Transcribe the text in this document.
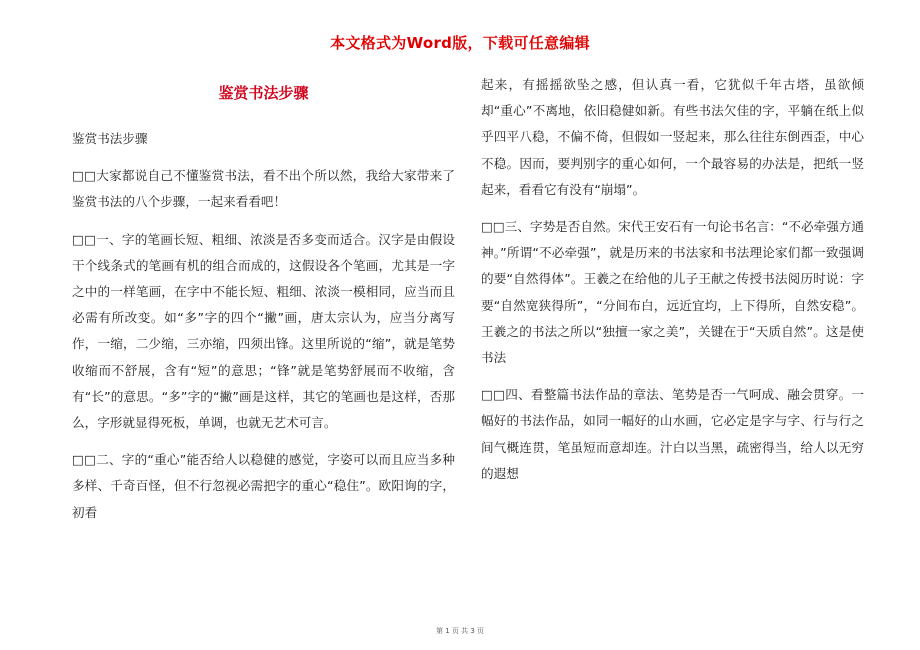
本文格式为Word版，下载可任意编辑
鉴赏书法步骤

鉴赏书法步骤

□□大家都说自己不懂鉴赏书法，看不出个所以然，我给大家带来了鉴赏书法的八个步骤，一起来看看吧！

□□一、字的笔画长短、粗细、浓淡是否多变而适合。汉字是由假设干个线条式的笔画有机的组合而成的，这假设各个笔画，尤其是一字之中的一样笔画，在字中不能长短、粗细、浓淡一模相同，应当而且必需有所改变。如“多”字的四个“撇”画，唐太宗认为，应当分离写作，一缩，二少缩，三亦缩，四须出锋。这里所说的“缩”，就是笔势收缩而不舒展，含有“短”的意思；“锋”就是笔势舒展而不收缩，含有“长”的意思。“多”字的“撇”画是这样，其它的笔画也是这样，否那么，字形就显得死板，单调，也就无艺术可言。

□□二、字的“重心”能否给人以稳健的感觉，字姿可以而且应当多种多样、千奇百怪，但不行忽视必需把字的重心“稳住”。欧阳询的字，初看

起来，有摇摇欲坠之感，但认真一看，它犹似千年古塔，虽欲倾却“重心”不离地，依旧稳健如新。有些书法欠佳的字，平躺在纸上似乎四平八稳，不偏不倚，但假如一竖起来，那么往往东倒西歪，中心不稳。因而，要判别字的重心如何，一个最容易的办法是，把纸一竖起来，看看它有没有“崩塌”。

□□三、字势是否自然。宋代王安石有一句论书名言：“不必牵强方通神。”所谓“不必牵强”，就是历来的书法家和书法理论家们都一致强调的要“自然得体”。王羲之在给他的儿子王献之传授书法阅历时说：字要“自然宽狭得所”，“分间布白，远近宜均，上下得所，自然安稳”。王羲之的书法之所以“独擅一家之美”，关键在于“天质自然”。这是使书法

□□四、看整篇书法作品的章法、笔势是否一气呵成、融会贯穿。一幅好的书法作品，如同一幅好的山水画，它必定是字与字、行与行之间气概连贯，笔虽短而意却连。汁白以当黑，疏密得当，给人以无穷的遐想

第 1 页 共 3 页
